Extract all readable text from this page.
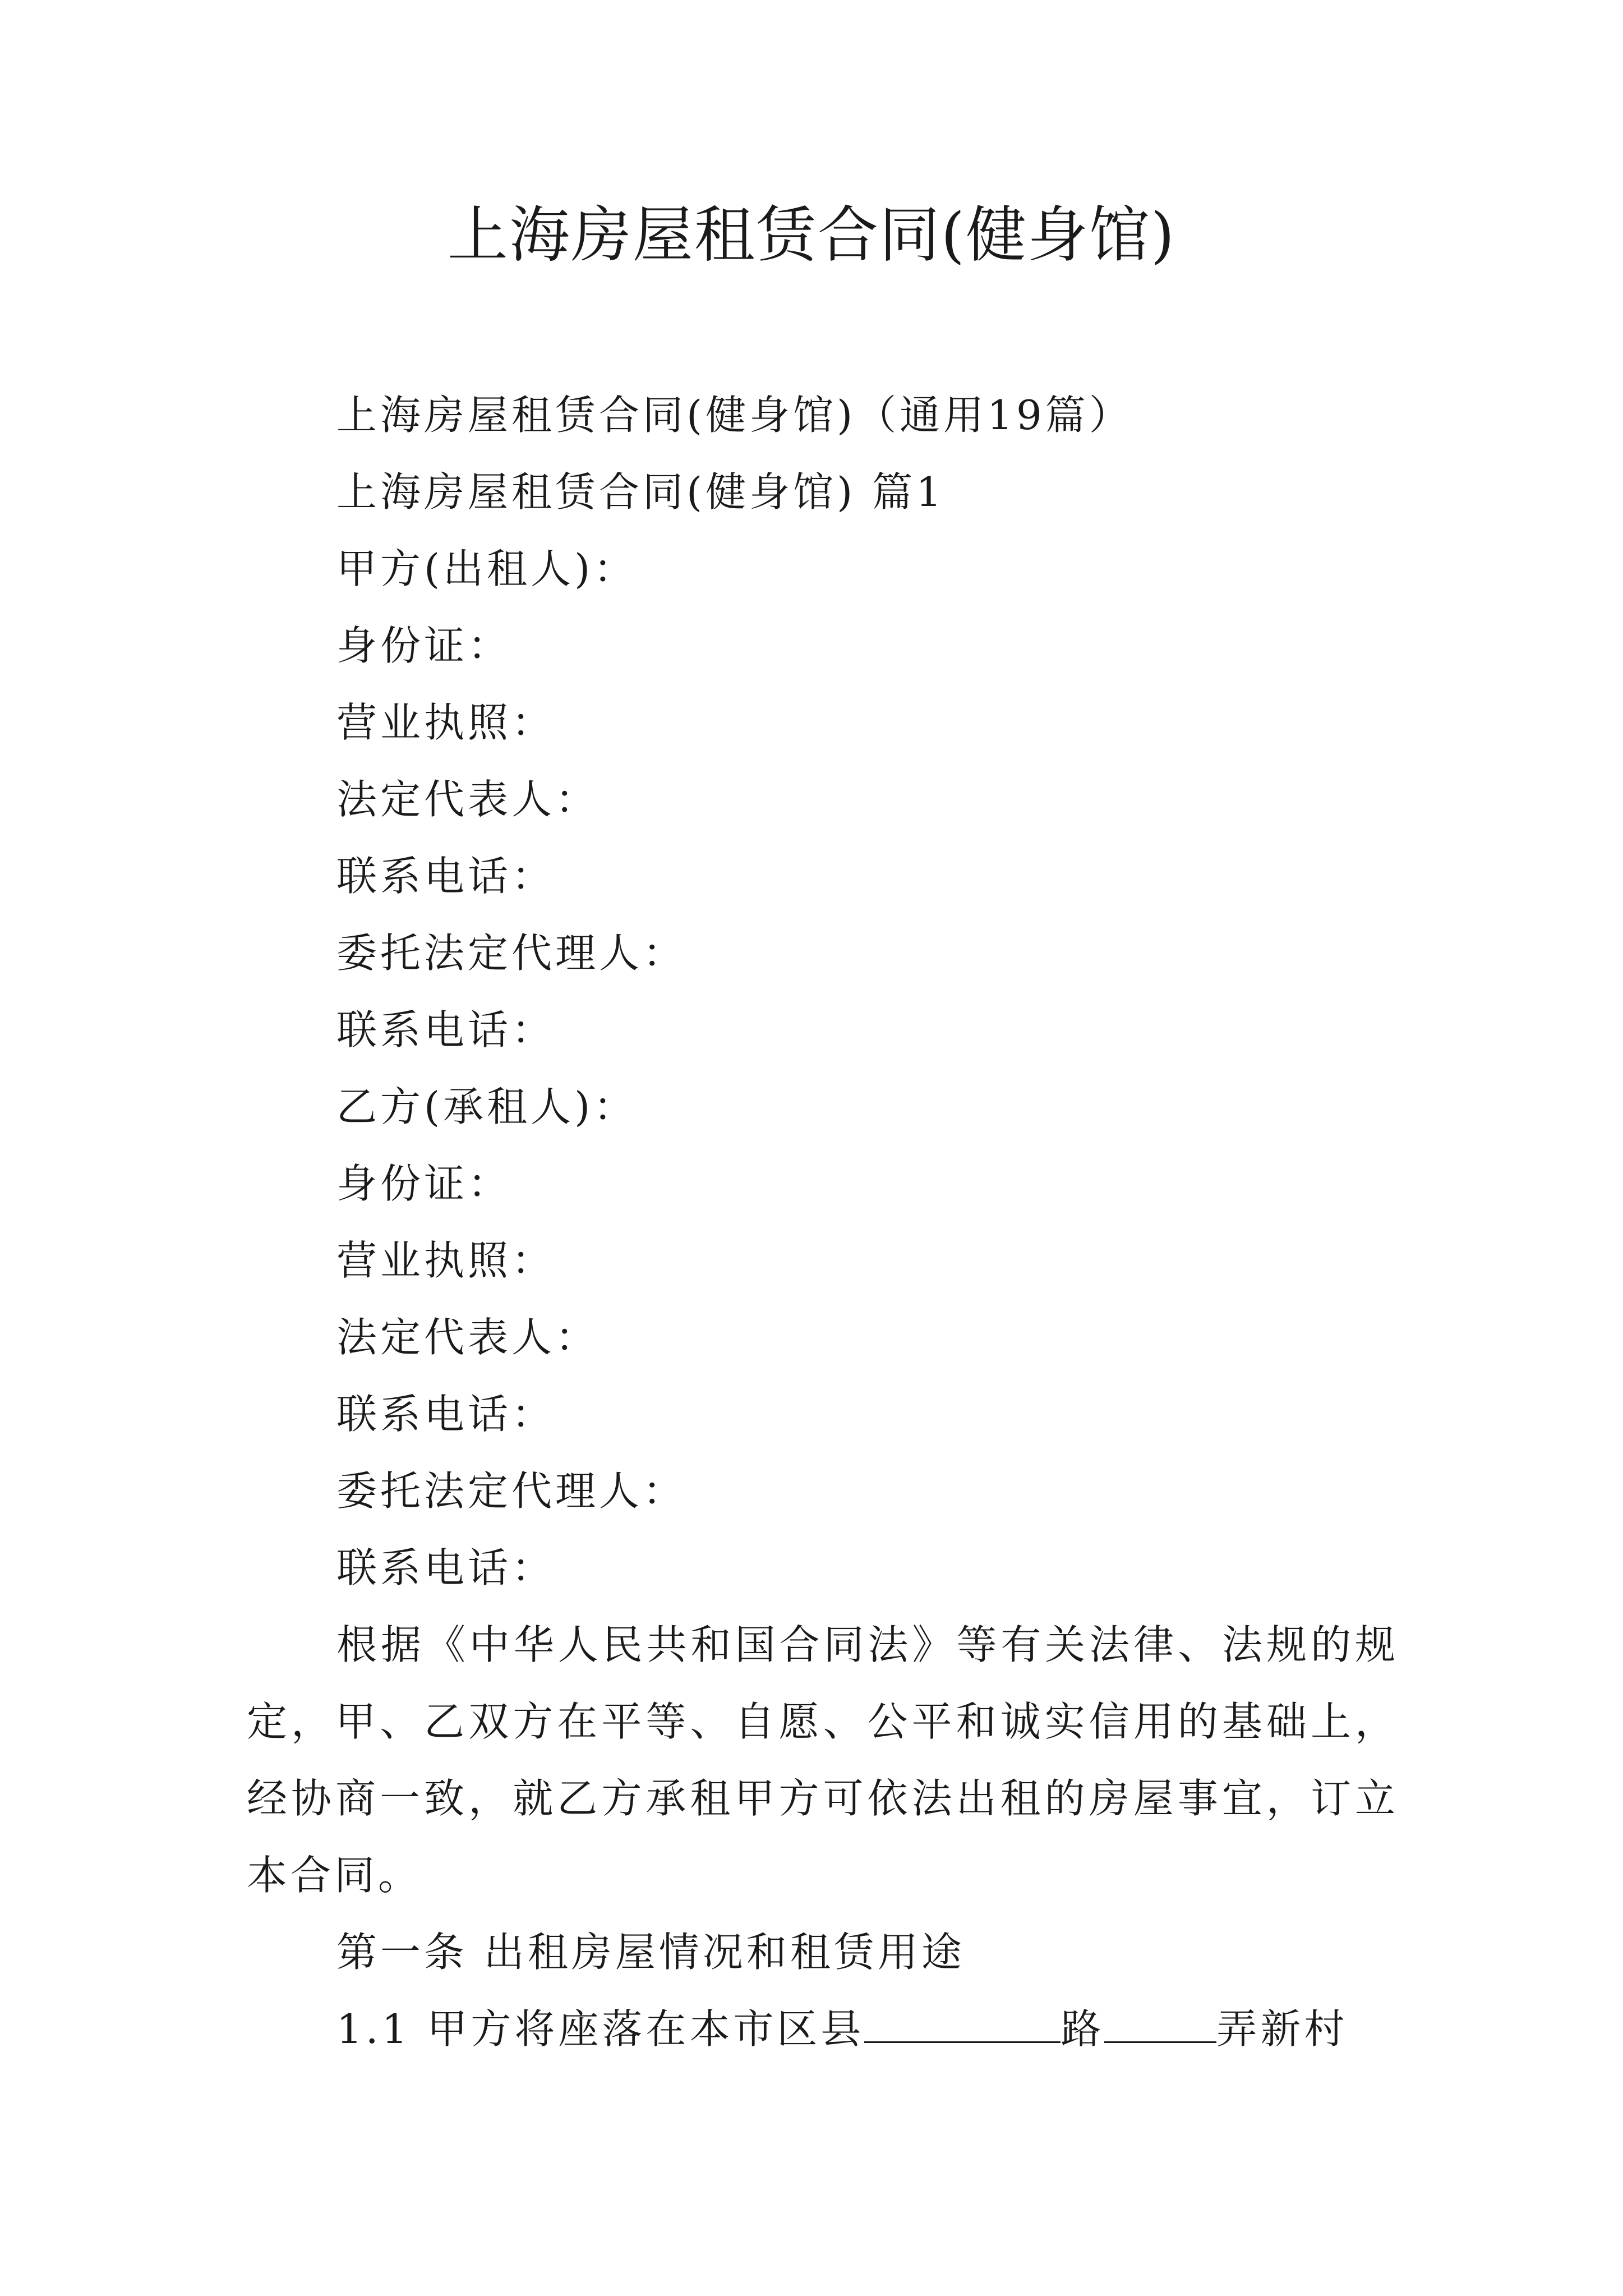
上海房屋租赁合同(健身馆)
上海房屋租赁合同(健身馆)（通用19篇）
上海房屋租赁合同(健身馆) 篇1
甲方(出租人)：
身份证：
营业执照：
法定代表人：
联系电话：
委托法定代理人：
联系电话：
乙方(承租人)：
身份证：
营业执照：
法定代表人：
联系电话：
委托法定代理人：
联系电话：

根据《中华人民共和国合同法》等有关法律、法规的规定，甲、乙双方在平等、自愿、公平和诚实信用的基础上，经协商一致，就乙方承租甲方可依法出租的房屋事宜，订立本合同。

第一条 出租房屋情况和租赁用途
1.1 甲方将座落在本市区县	路	弄新村
